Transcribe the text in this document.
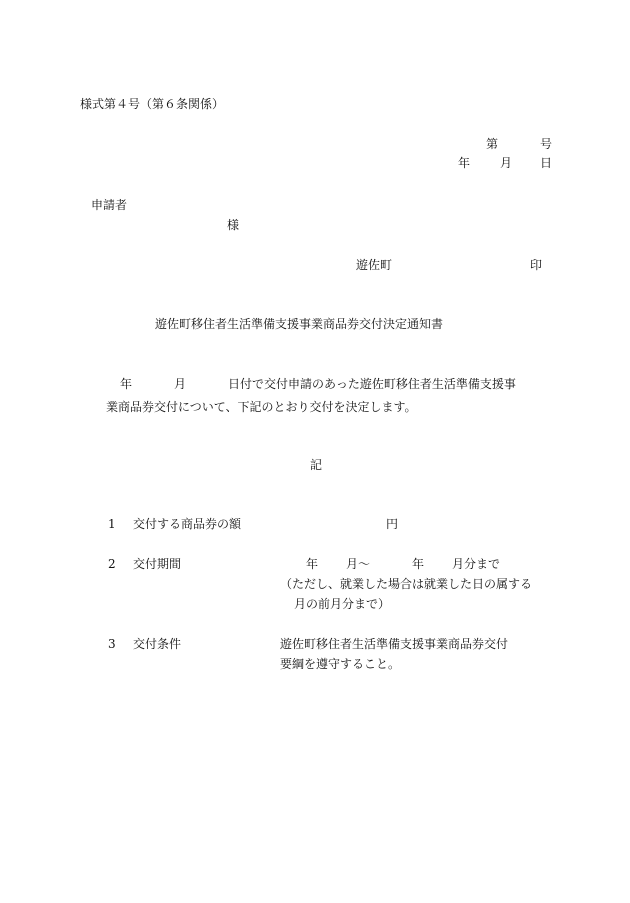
様式第４号（第６条関係）
第	号
年 月 日
申請者
様
遊佐町	印
遊佐町移住者生活準備支援事業商品券交付決定通知書
年	月	日付で交付申請のあった遊佐町移住者生活準備支援事
業商品券交付について、下記のとおり交付を決定します。
記
1 交付する商品券の額	円
2 交付期間	年 月～	年 月分まで
（ただし、就業した場合は就業した日の属する
月の前月分まで）
3 交付条件	遊佐町移住者生活準備支援事業商品券交付
要綱を遵守すること。
